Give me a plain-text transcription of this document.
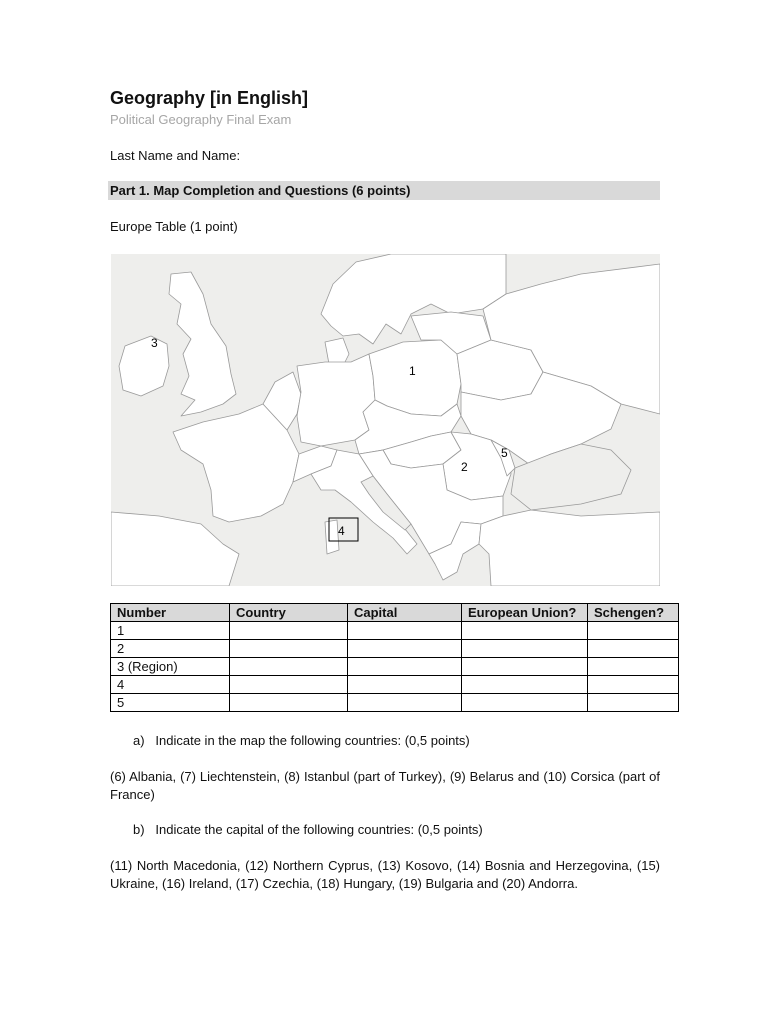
Geography [in English]
Political Geography Final Exam
Last Name and Name:
Part 1. Map Completion and Questions (6 points)
Europe Table (1 point)
1
2
3
4
5
Number	Country	Capital	European Union?	Schengen?
1				
2				
3 (Region)				
4				
5				
a) Indicate in the map the following countries: (0,5 points)
(6) Albania, (7) Liechtenstein, (8) Istanbul (part of Turkey), (9) Belarus and (10) Corsica (part of France)
b) Indicate the capital of the following countries: (0,5 points)
(11) North Macedonia, (12) Northern Cyprus, (13) Kosovo, (14) Bosnia and Herzegovina, (15) Ukraine, (16) Ireland, (17) Czechia, (18) Hungary, (19) Bulgaria and (20) Andorra.
